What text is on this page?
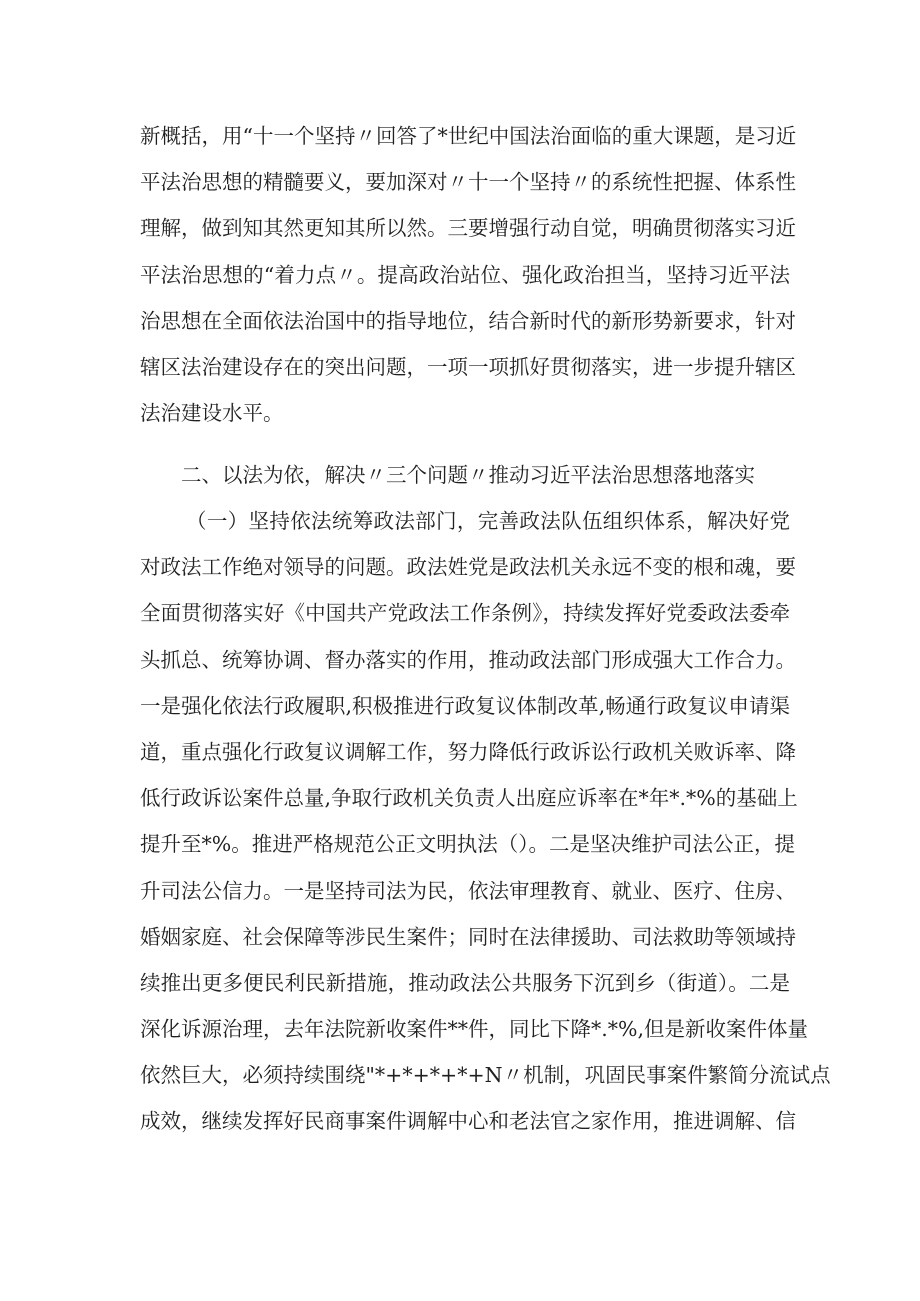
新概括，用“十一个坚持〃回答了*世纪中国法治面临的重大课题，是习近
平法治思想的精髓要义，要加深对〃十一个坚持〃的系统性把握、体系性
理解，做到知其然更知其所以然。三要增强行动自觉，明确贯彻落实习近
平法治思想的“着力点〃。提高政治站位、强化政治担当，坚持习近平法
治思想在全面依法治国中的指导地位，结合新时代的新形势新要求，针对
辖区法治建设存在的突出问题，一项一项抓好贯彻落实，进一步提升辖区
法治建设水平。
二、以法为依，解决〃三个问题〃推动习近平法治思想落地落实
（一）坚持依法统筹政法部门，完善政法队伍组织体系，解决好党
对政法工作绝对领导的问题。政法姓党是政法机关永远不变的根和魂，要
全面贯彻落实好《中国共产党政法工作条例》，持续发挥好党委政法委牵
头抓总、统筹协调、督办落实的作用，推动政法部门形成强大工作合力。
一是强化依法行政履职,积极推进行政复议体制改革,畅通行政复议申请渠
道，重点强化行政复议调解工作，努力降低行政诉讼行政机关败诉率、降
低行政诉讼案件总量,争取行政机关负责人出庭应诉率在*年*.*%的基础上
提升至*%。推进严格规范公正文明执法（）。二是坚决维护司法公正，提
升司法公信力。一是坚持司法为民，依法审理教育、就业、医疗、住房、
婚姻家庭、社会保障等涉民生案件；同时在法律援助、司法救助等领域持
续推出更多便民利民新措施，推动政法公共服务下沉到乡（街道）。二是
深化诉源治理，去年法院新收案件**件，同比下降*.*%,但是新收案件体量
依然巨大，必须持续围绕"*+*+*+*+N〃机制，巩固民事案件繁简分流试点
成效，继续发挥好民商事案件调解中心和老法官之家作用，推进调解、信
